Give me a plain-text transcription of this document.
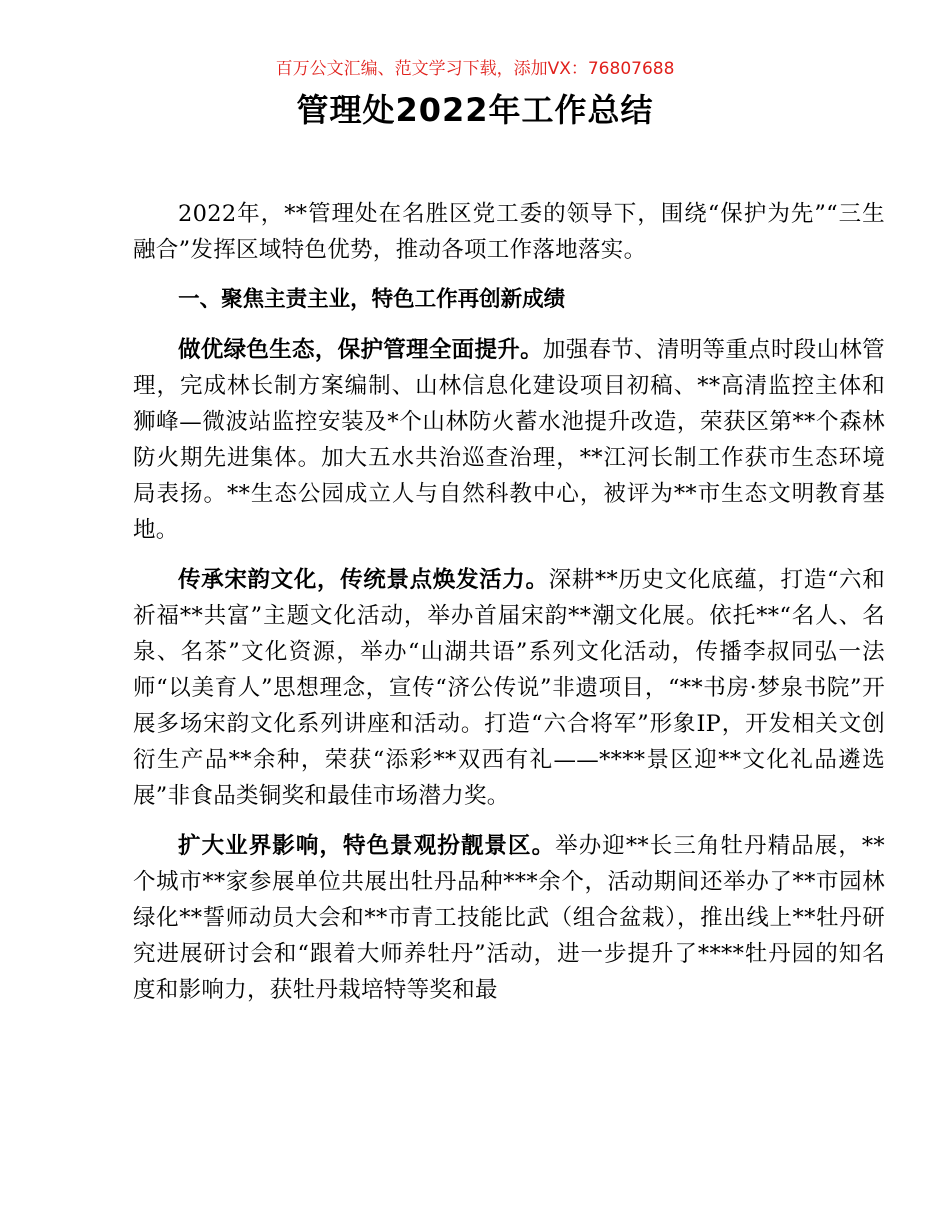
百万公文汇编、范文学习下载，添加VX：76807688
管理处2022年工作总结

2022年，**管理处在名胜区党工委的领导下，围绕“保护为先”“三生融合”发挥区域特色优势，推动各项工作落地落实。

一、聚焦主责主业，特色工作再创新成绩

做优绿色生态，保护管理全面提升。加强春节、清明等重点时段山林管理，完成林长制方案编制、山林信息化建设项目初稿、**高清监控主体和狮峰—微波站监控安装及*个山林防火蓄水池提升改造，荣获区第**个森林防火期先进集体。加大五水共治巡查治理，**江河长制工作获市生态环境局表扬。**生态公园成立人与自然科教中心，被评为**市生态文明教育基地。

传承宋韵文化，传统景点焕发活力。深耕**历史文化底蕴，打造“六和祈福**共富”主题文化活动，举办首届宋韵**潮文化展。依托**“名人、名泉、名茶”文化资源，举办“山湖共语”系列文化活动，传播李叔同弘一法师“以美育人”思想理念，宣传“济公传说”非遗项目，“**书房·梦泉书院”开展多场宋韵文化系列讲座和活动。打造“六合将军”形象IP，开发相关文创衍生产品**余种，荣获“添彩**双西有礼——****景区迎**文化礼品遴选展”非食品类铜奖和最佳市场潜力奖。

扩大业界影响，特色景观扮靓景区。举办迎**长三角牡丹精品展，**个城市**家参展单位共展出牡丹品种***余个，活动期间还举办了**市园林绿化**誓师动员大会和**市青工技能比武（组合盆栽），推出线上**牡丹研究进展研讨会和“跟着大师养牡丹”活动，进一步提升了****牡丹园的知名度和影响力，获牡丹栽培特等奖和最
